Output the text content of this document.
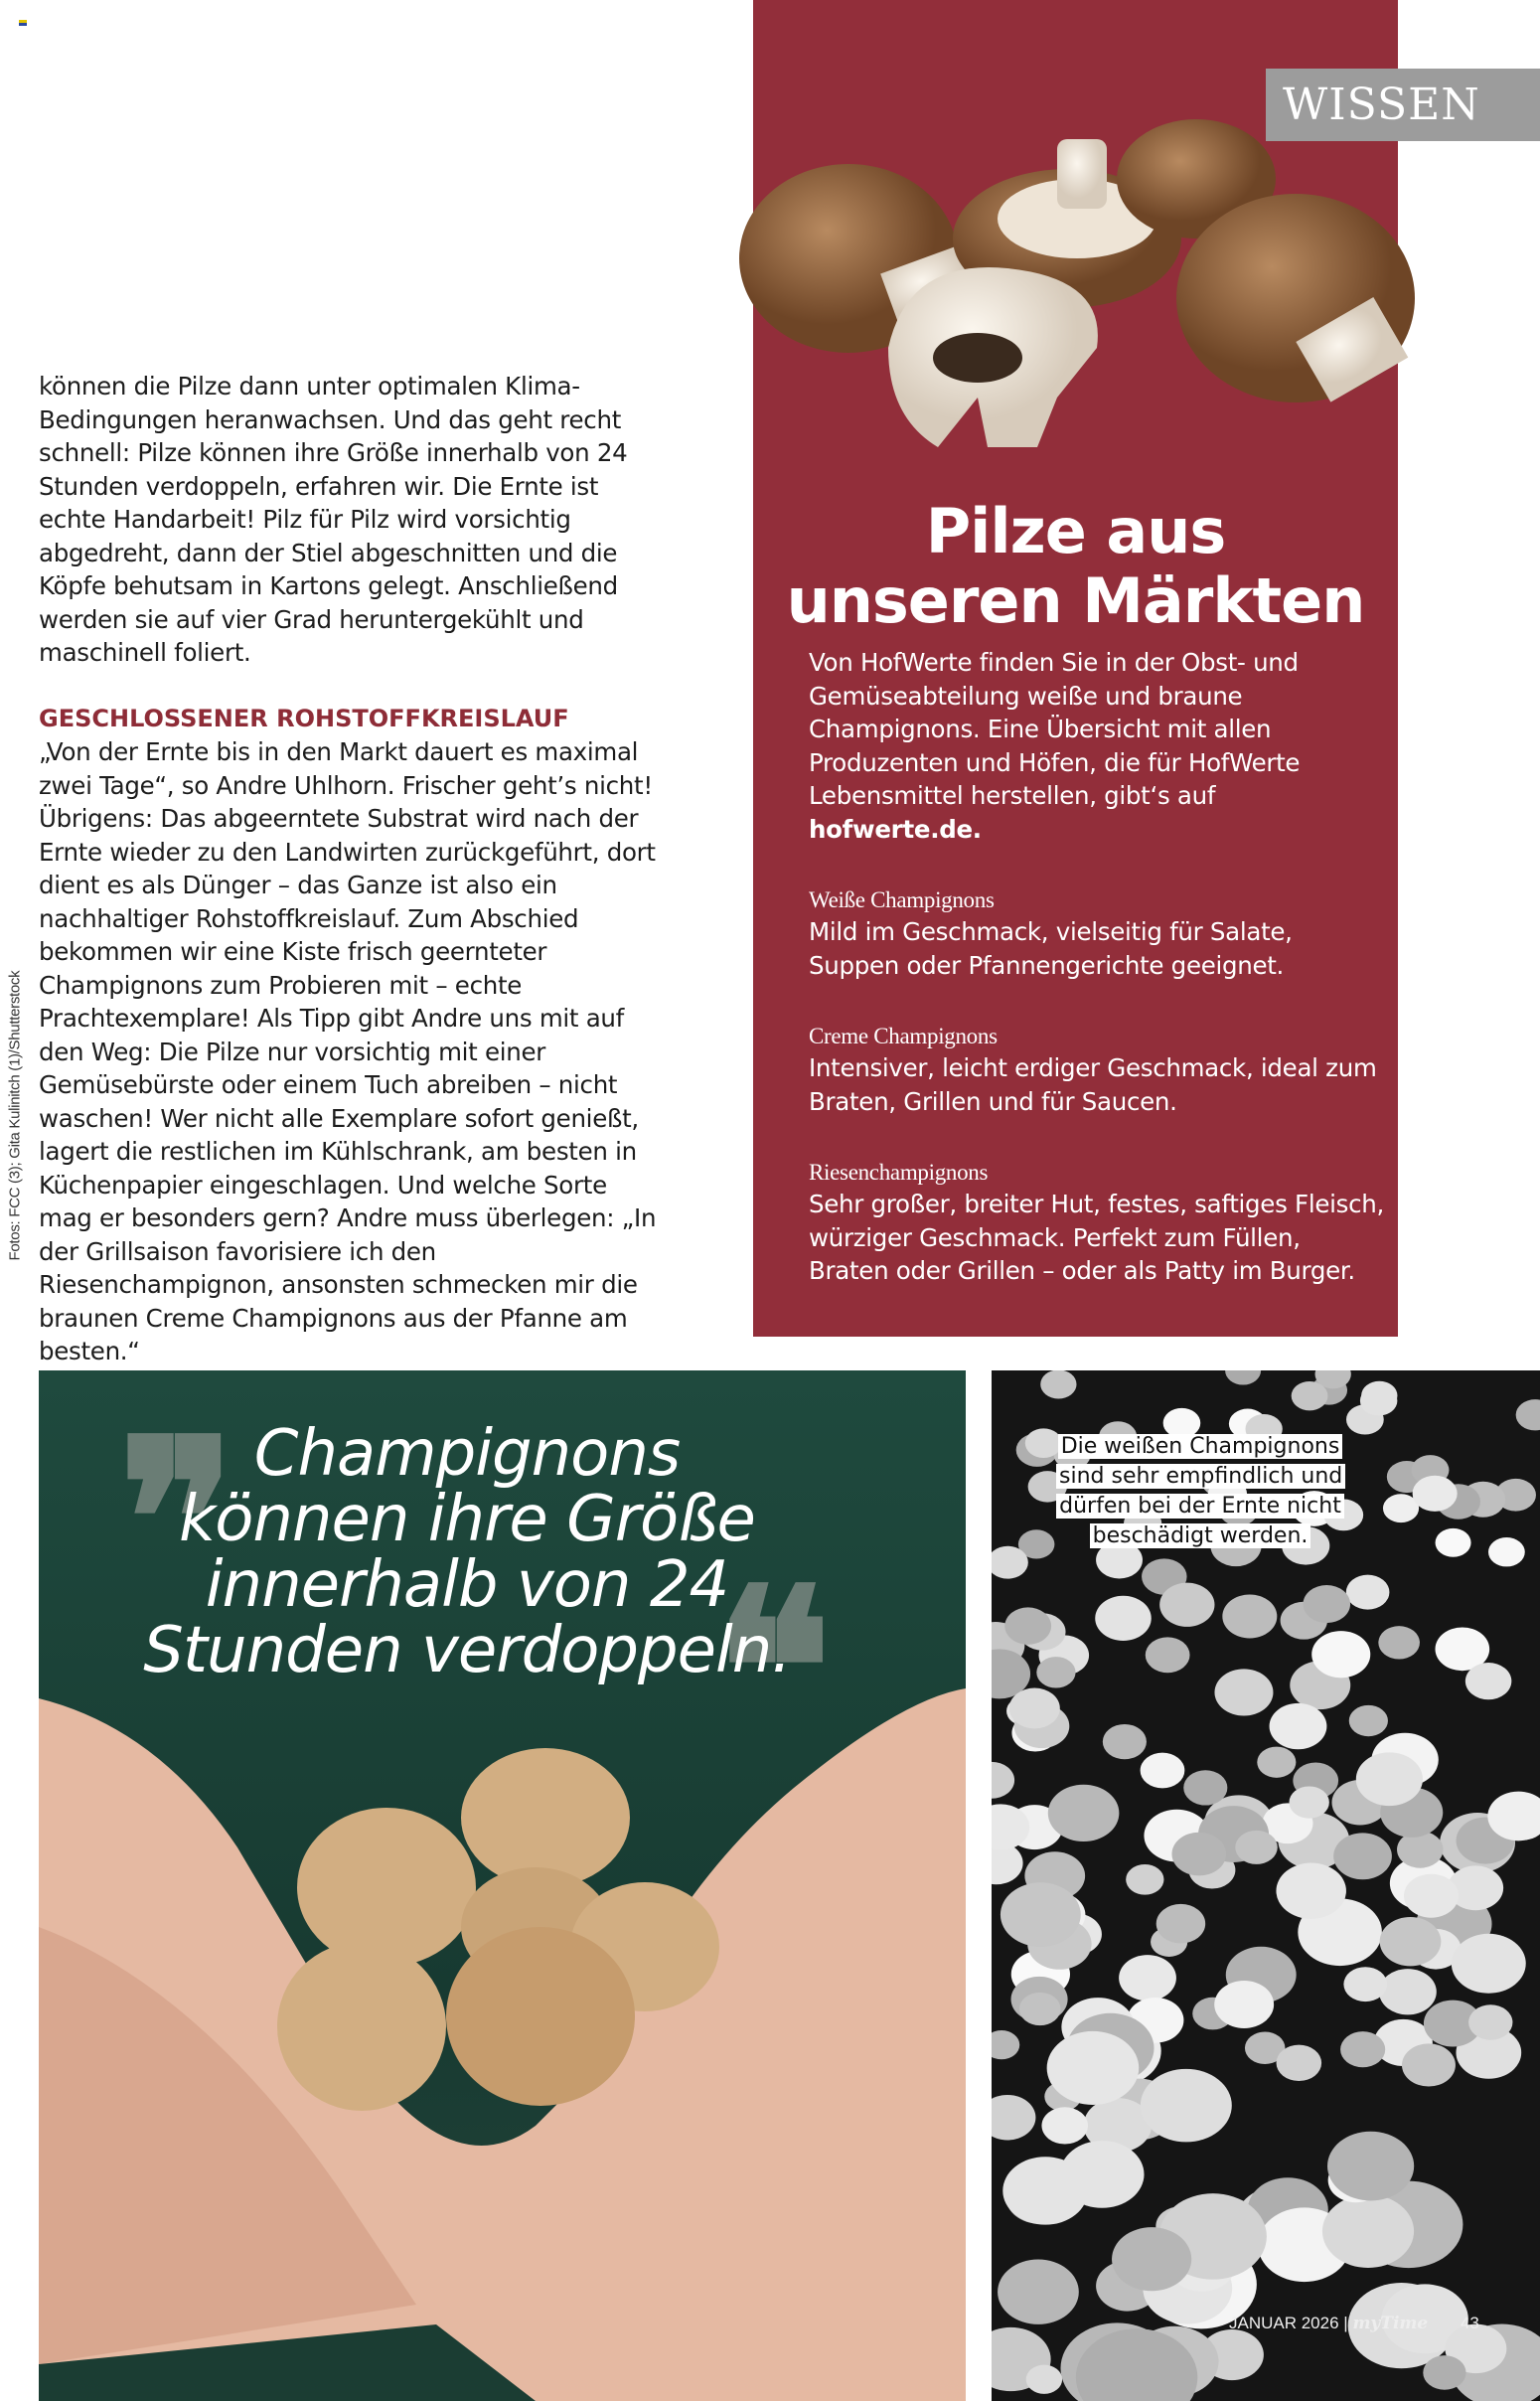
können die Pilze dann unter optimalen Klima-Bedingungen heranwachsen. Und das geht recht schnell: Pilze können ihre Größe innerhalb von 24 Stunden verdoppeln, erfahren wir. Die Ernte ist echte Handarbeit! Pilz für Pilz wird vorsichtig abgedreht, dann der Stiel abgeschnitten und die Köpfe behutsam in Kartons gelegt. Anschließend werden sie auf vier Grad heruntergekühlt und maschinell foliert.

GESCHLOSSENER ROHSTOFFKREISLAUF

„Von der Ernte bis in den Markt dauert es maximal zwei Tage“, so Andre Uhlhorn. Frischer geht’s nicht! Übrigens: Das abgeerntete Substrat wird nach der Ernte wieder zu den Landwirten zurückgeführt, dort dient es als Dünger – das Ganze ist also ein nachhaltiger Rohstoffkreislauf. Zum Abschied bekommen wir eine Kiste frisch geernteter Champignons zum Probieren mit – echte Prachtexemplare! Als Tipp gibt Andre uns mit auf den Weg: Die Pilze nur vorsichtig mit einer Gemüsebürste oder einem Tuch abreiben – nicht waschen! Wer nicht alle Exemplare sofort genießt, lagert die restlichen im Kühlschrank, am besten in Küchenpapier eingeschlagen. Und welche Sorte mag er besonders gern? Andre muss überlegen: „In der Grillsaison favorisiere ich den Riesenchampignon, ansonsten schmecken mir die braunen Creme Champignons aus der Pfanne am besten.“

Fotos: FCC (3); Gita Kulinitch (1)/Shutterstock
Pilze aus
unseren Märkten

Von HofWerte finden Sie in der Obst- und Gemüseabteilung weiße und braune Champignons. Eine Übersicht mit allen Produzenten und Höfen, die für HofWerte Lebensmittel herstellen, gibt‘s auf hofwerte.de.

Weiße Champignons

Mild im Geschmack, vielseitig für Salate, Suppen oder Pfannengerichte geeignet.

Creme Champignons

Intensiver, leicht erdiger Geschmack, ideal zum Braten, Grillen und für Saucen.

Riesenchampignons

Sehr großer, breiter Hut, festes, saftiges Fleisch, würziger Geschmack. Perfekt zum Füllen, Braten oder Grillen – oder als Patty im Burger.

WISSEN
❞
❝
Champignons
können ihre Größe
innerhalb von 24
Stunden verdoppeln.
Die weißen Champignons sind sehr empfindlich und dürfen bei der Ernte nicht beschädigt werden.
JANUAR 2026 | myTime 43
